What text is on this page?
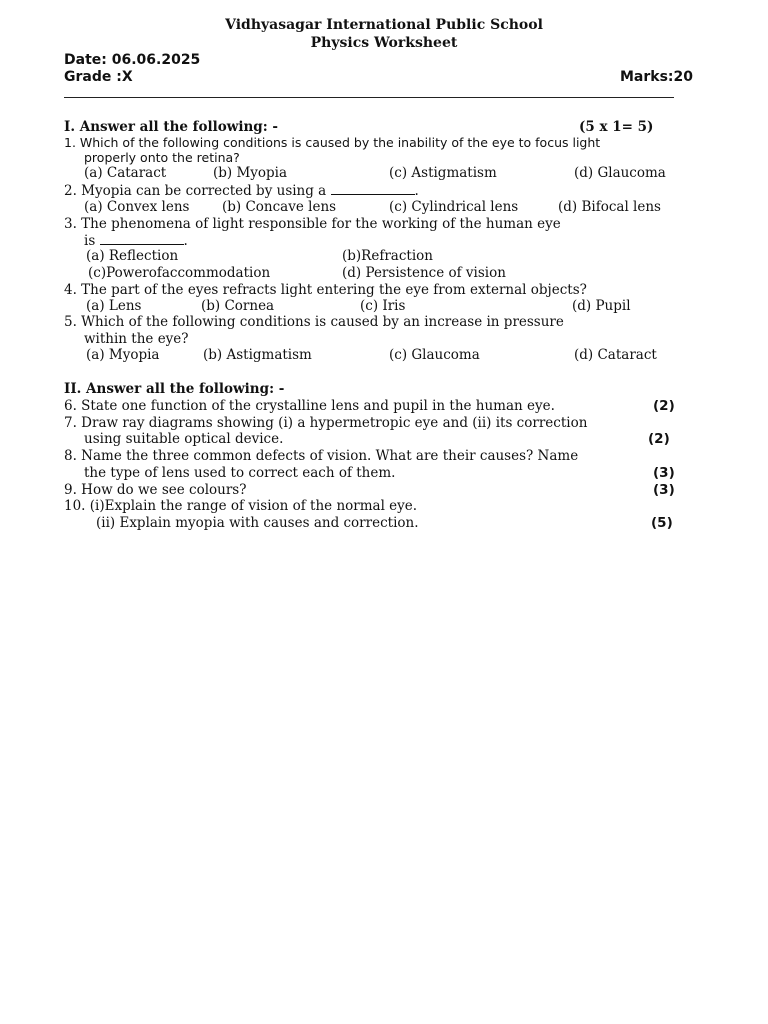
Vidhyasagar International Public School
Physics Worksheet
Date: 06.06.2025
Grade :X	Marks:20
I. Answer all the following: -	(5 x 1= 5)
1. Which of the following conditions is caused by the inability of the eye to focus light
properly onto the retina?
(a) Cataract	(b) Myopia	(c) Astigmatism	(d) Glaucoma
2. Myopia can be corrected by using a	.
(a) Convex lens (b) Concave lens	(c) Cylindrical lens	(d) Bifocal lens
3. The phenomena of light responsible for the working of the human eye
is	.
(a) Reflection	(b)Refraction
(c)Powerofaccommodation	(d) Persistence of vision
4. The part of the eyes refracts light entering the eye from external objects?
(a) Lens	(b) Cornea	(c) Iris	(d) Pupil
5. Which of the following conditions is caused by an increase in pressure
within the eye?
(a) Myopia	(b) Astigmatism	(c) Glaucoma	(d) Cataract
II. Answer all the following: -
6. State one function of the crystalline lens and pupil in the human eye.	(2)
7. Draw ray diagrams showing (i) a hypermetropic eye and (ii) its correction
using suitable optical device.	(2)
8. Name the three common defects of vision. What are their causes? Name
the type of lens used to correct each of them.	(3)
9. How do we see colours?	(3)
10. (i)Explain the range of vision of the normal eye.
(ii) Explain myopia with causes and correction.	(5)
